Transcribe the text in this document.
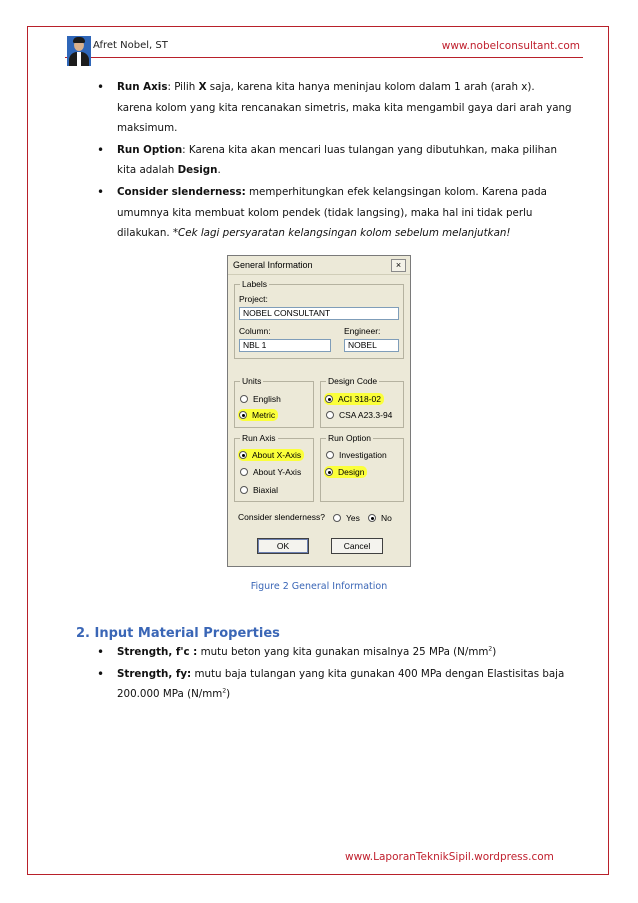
Afret Nobel, ST	www.nobelconsultant.com
• Run Axis: Pilih X saja, karena kita hanya meninjau kolom dalam 1 arah (arah x). karena kolom yang kita rencanakan simetris, maka kita mengambil gaya dari arah yang maksimum.
• Run Option: Karena kita akan mencari luas tulangan yang dibutuhkan, maka pilihan kita adalah Design.
• Consider slenderness: memperhitungkan efek kelangsingan kolom. Karena pada umumnya kita membuat kolom pendek (tidak langsing), maka hal ini tidak perlu dilakukan. *Cek lagi persyaratan kelangsingan kolom sebelum melanjutkan!
General Information	×
Labels
Project:
NOBEL CONSULTANT
Column:	Engineer:
NBL 1	NOBEL
Units
English
Metric
Design Code
ACI 318-02
CSA A23.3-94
Run Axis
About X-Axis
About Y-Axis
Biaxial
Run Option
Investigation
Design
Consider slenderness? Yes No
OK	Cancel
Figure 2 General Information
2. Input Material Properties
• Strength, f'c : mutu beton yang kita gunakan misalnya 25 MPa $(N/mm^2)$
• Strength, fy: mutu baja tulangan yang kita gunakan 400 MPa dengan Elastisitas baja 200.000 MPa $(N/mm^2)$
www.LaporanTeknikSipil.wordpress.com
